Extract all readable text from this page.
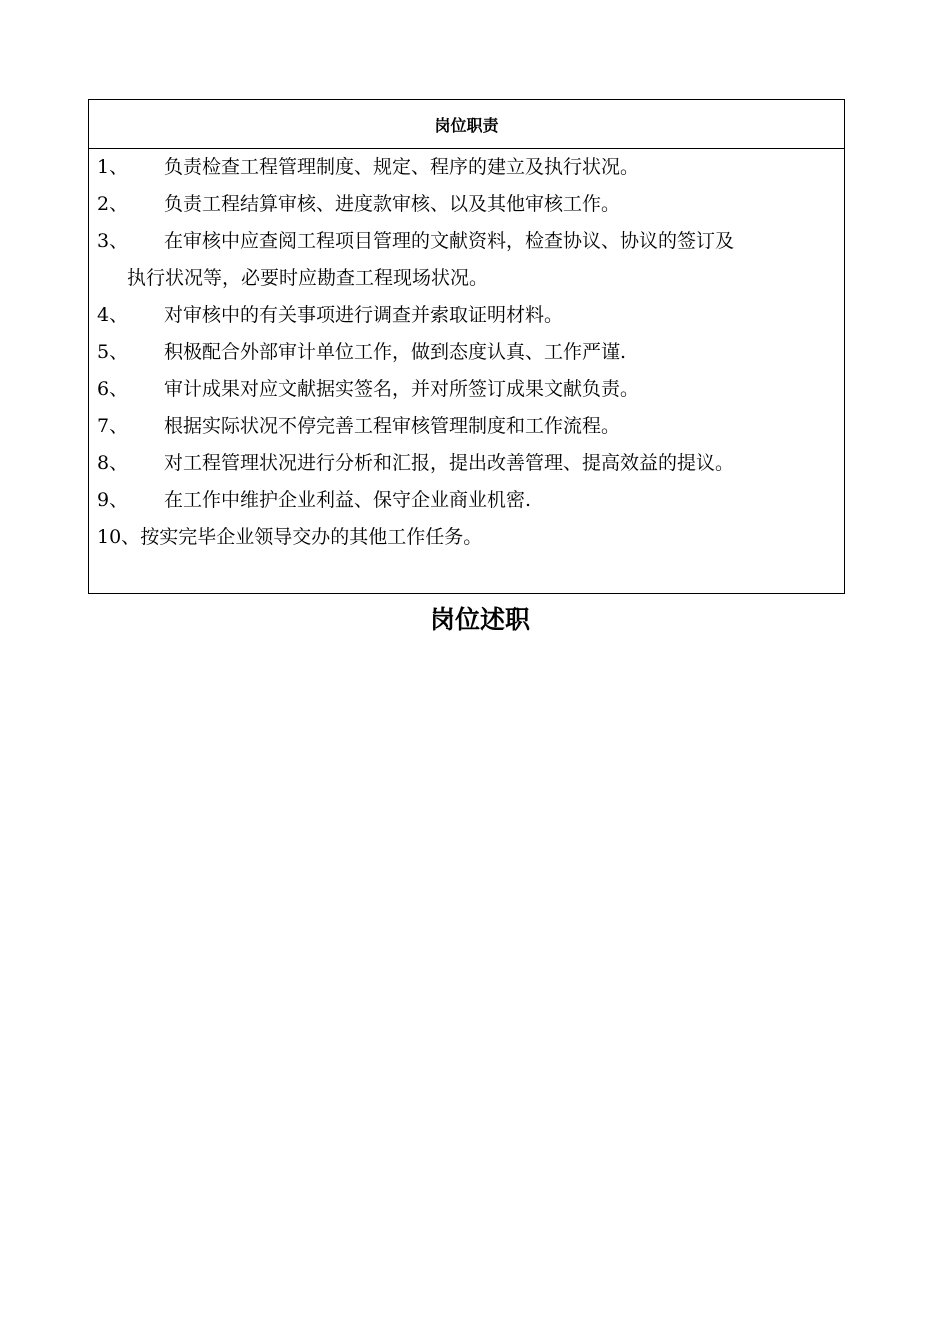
岗位职责
1、	负责检查工程管理制度、规定、程序的建立及执行状况。
2、	负责工程结算审核、进度款审核、以及其他审核工作。
3、	在审核中应查阅工程项目管理的文献资料，检查协议、协议的签订及
执行状况等，必要时应勘查工程现场状况。
4、	对审核中的有关事项进行调查并索取证明材料。
5、	积极配合外部审计单位工作，做到态度认真、工作严谨.
6、	审计成果对应文献据实签名，并对所签订成果文献负责。
7、	根据实际状况不停完善工程审核管理制度和工作流程。
8、	对工程管理状况进行分析和汇报，提出改善管理、提高效益的提议。
9、	在工作中维护企业利益、保守企业商业机密.
10、 按实完毕企业领导交办的其他工作任务。
岗位述职
